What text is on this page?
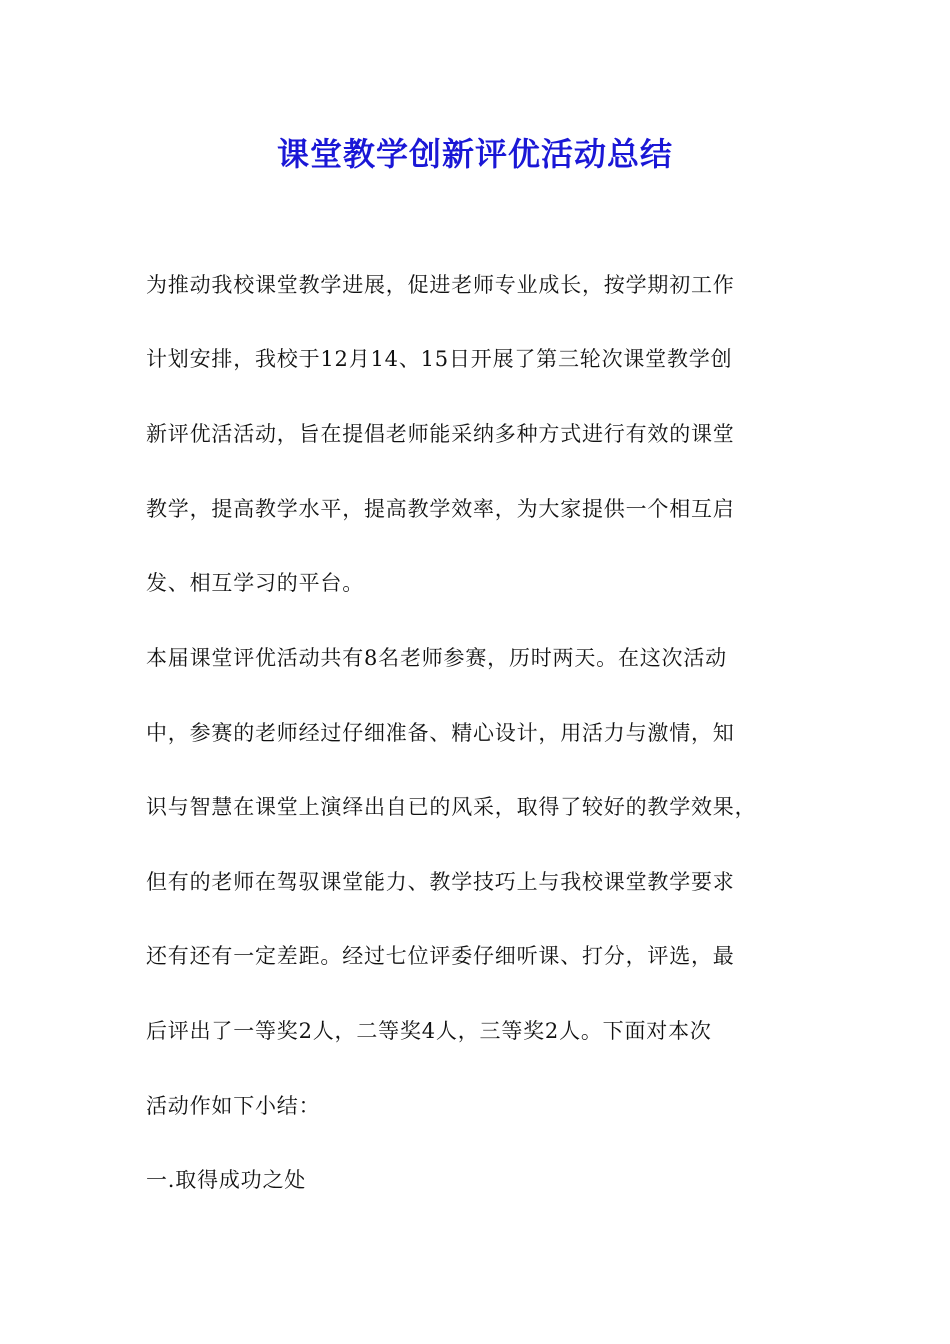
课堂教学创新评优活动总结
为推动我校课堂教学进展，促进老师专业成长，按学期初工作
计划安排，我校于12月14、15日开展了第三轮次课堂教学创
新评优活活动，旨在提倡老师能采纳多种方式进行有效的课堂
教学，提高教学水平，提高教学效率，为大家提供一个相互启
发、相互学习的平台。
本届课堂评优活动共有8名老师参赛，历时两天。在这次活动
中，参赛的老师经过仔细准备、精心设计，用活力与激情，知
识与智慧在课堂上演绎出自已的风采，取得了较好的教学效果，
但有的老师在驾驭课堂能力、教学技巧上与我校课堂教学要求
还有还有一定差距。经过七位评委仔细听课、打分，评选，最
后评出了一等奖2人，二等奖4人，三等奖2人。下面对本次
活动作如下小结：
一.取得成功之处
